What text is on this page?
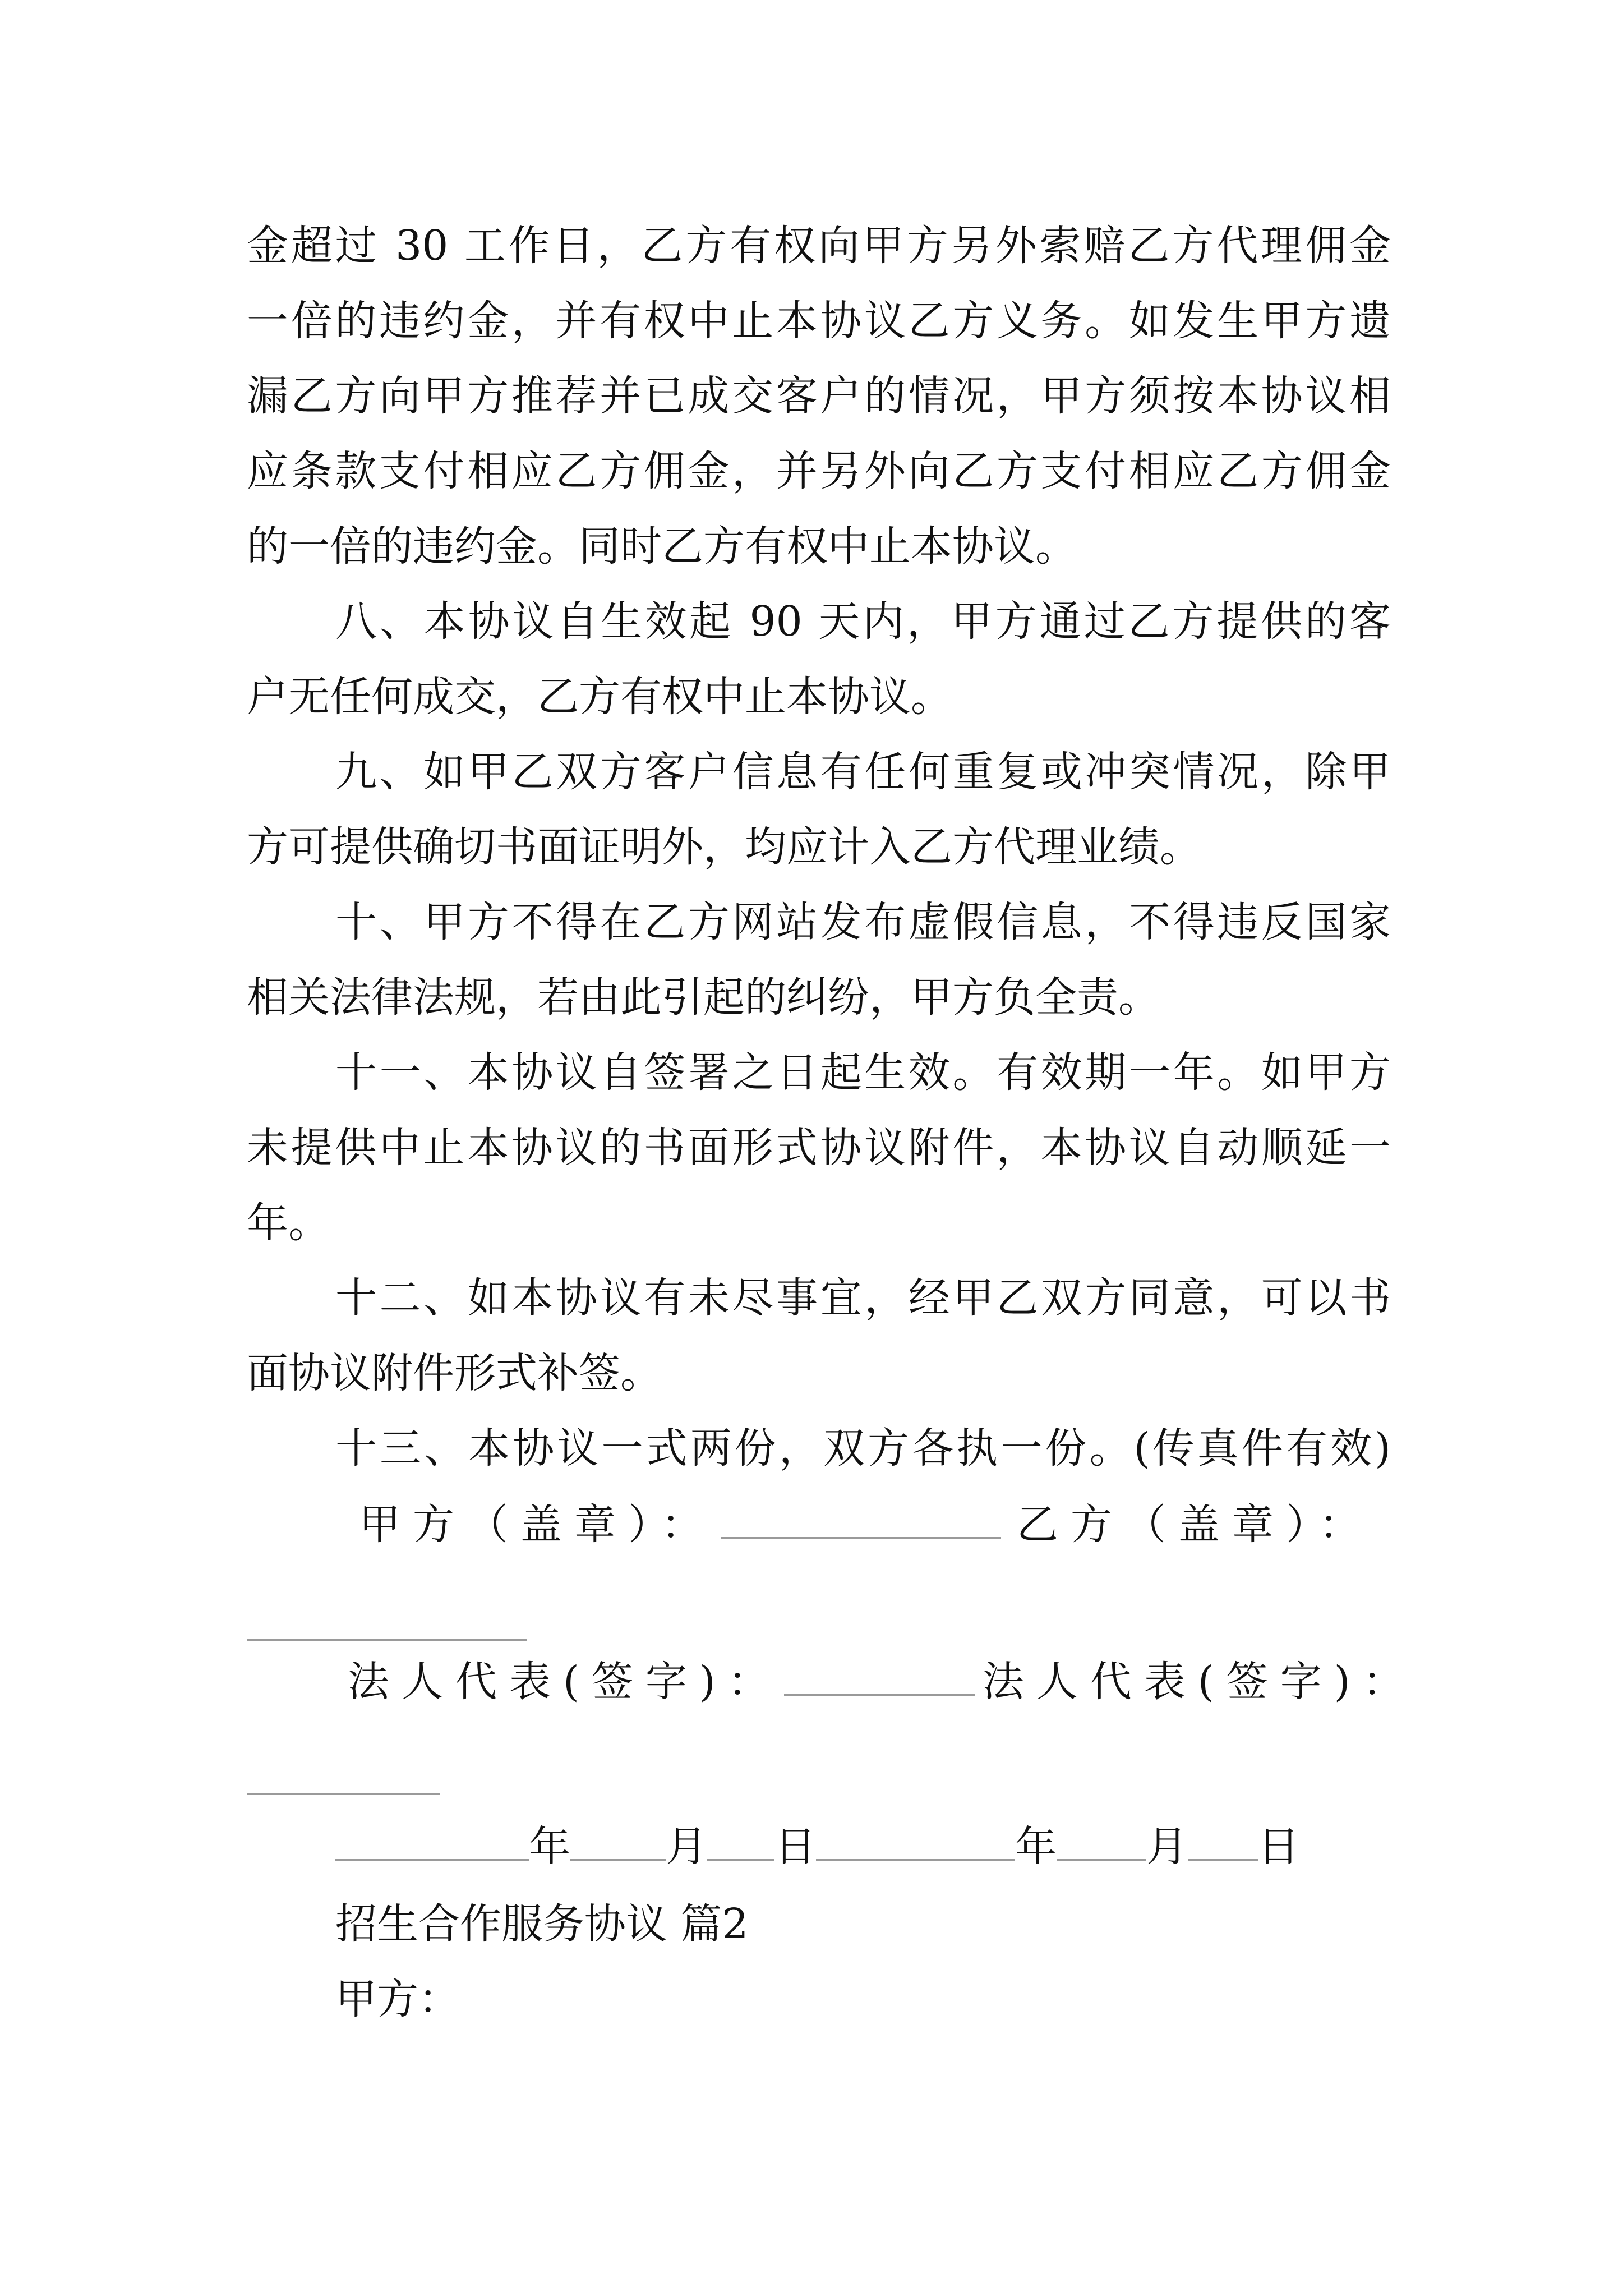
金超过 30 工作日，乙方有权向甲方另外索赔乙方代理佣金

一倍的违约金，并有权中止本协议乙方义务。如发生甲方遗

漏乙方向甲方推荐并已成交客户的情况，甲方须按本协议相

应条款支付相应乙方佣金，并另外向乙方支付相应乙方佣金

的一倍的违约金。同时乙方有权中止本协议。

八、本协议自生效起 90 天内，甲方通过乙方提供的客

户无任何成交，乙方有权中止本协议。

九、如甲乙双方客户信息有任何重复或冲突情况，除甲

方可提供确切书面证明外，均应计入乙方代理业绩。

十、甲方不得在乙方网站发布虚假信息，不得违反国家

相关法律法规，若由此引起的纠纷，甲方负全责。

十一、本协议自签署之日起生效。有效期一年。如甲方

未提供中止本协议的书面形式协议附件，本协议自动顺延一

年。

十二、如本协议有未尽事宜，经甲乙双方同意，可以书

面协议附件形式补签。

十三、本协议一式两份，双方各执一份。(传真件有效)

甲方（盖章）：	乙方（盖章）：
法人代表(签字)：	法人代表(签字)：
年 月 日	年 月 日

招生合作服务协议 篇2

甲方：
